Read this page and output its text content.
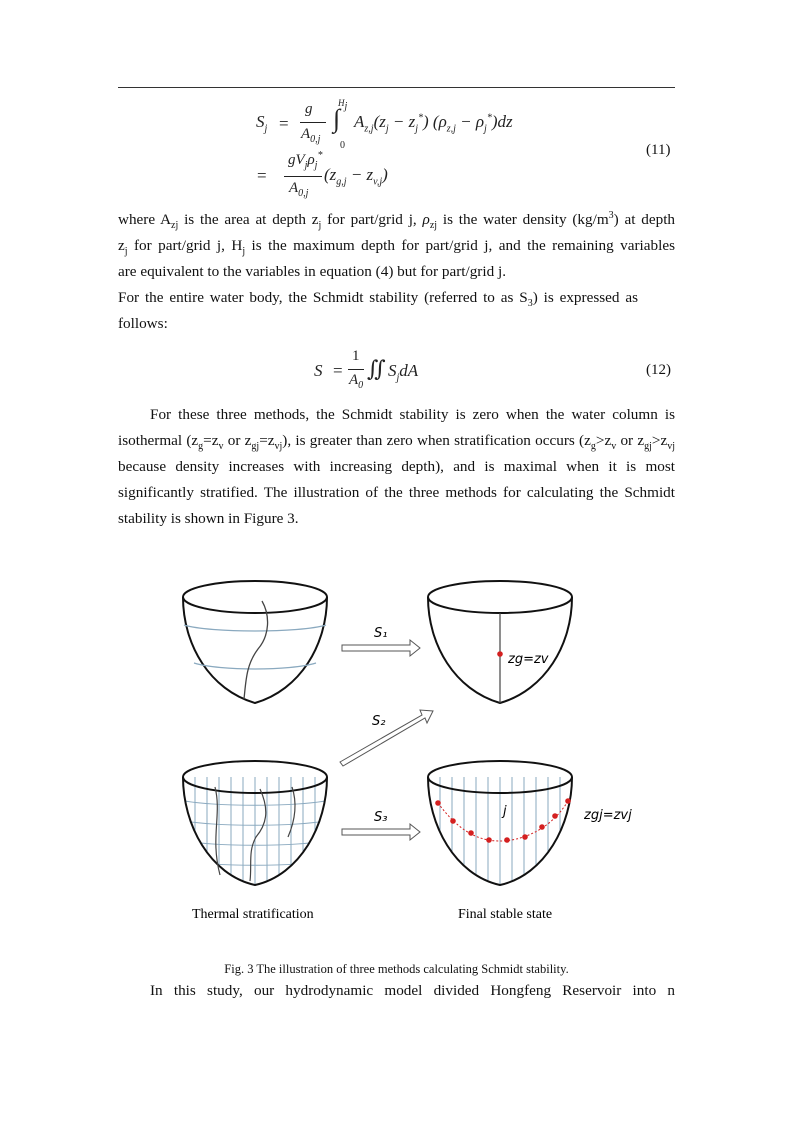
$S_j$ =
g
$A_{0,j}$
$H_j$
∫
0
$A_{z,j}(z_j - z_j^*) (\rho_{z,j} - \rho_j^*)dz$
=
$gV_j\rho_j^*$
$A_{0,j}$
$(z_{g,j} - z_{v,j})$
(11)

where $A_{zj}$ is the area at depth $z_j$ for part/grid j, $\rho_{zj}$ is the water density $(kg/m^3)$ at depth

$z_j$ for part/grid j, $H_j$ is the maximum depth for part/grid j, and the remaining variables

are equivalent to the variables in equation (4) but for part/grid j.

For the entire water body, the Schmidt stability (referred to as $S_3$) is expressed as follows:

S =
1
$A_0$
∬ $S_jdA$	(12)
For these three methods, the Schmidt stability is zero when the water column is isothermal ($z_g=z_v$ or $z_{gj}=z_{vj}$), is greater than zero when stratification occurs ($z_g>z_v$ or $z_{gj}>z_{vj}$ because density increases with increasing depth), and is maximal when it is most significantly stratified. The illustration of the three methods for calculating the Schmidt stability is shown in Figure 3.
zg=zv
S₁
S₂
S₃	j	zgj=zvj
Thermal stratification	Final stable state
Fig. 3 The illustration of three methods calculating Schmidt stability.
In this study, our hydrodynamic model divided Hongfeng Reservoir into n
